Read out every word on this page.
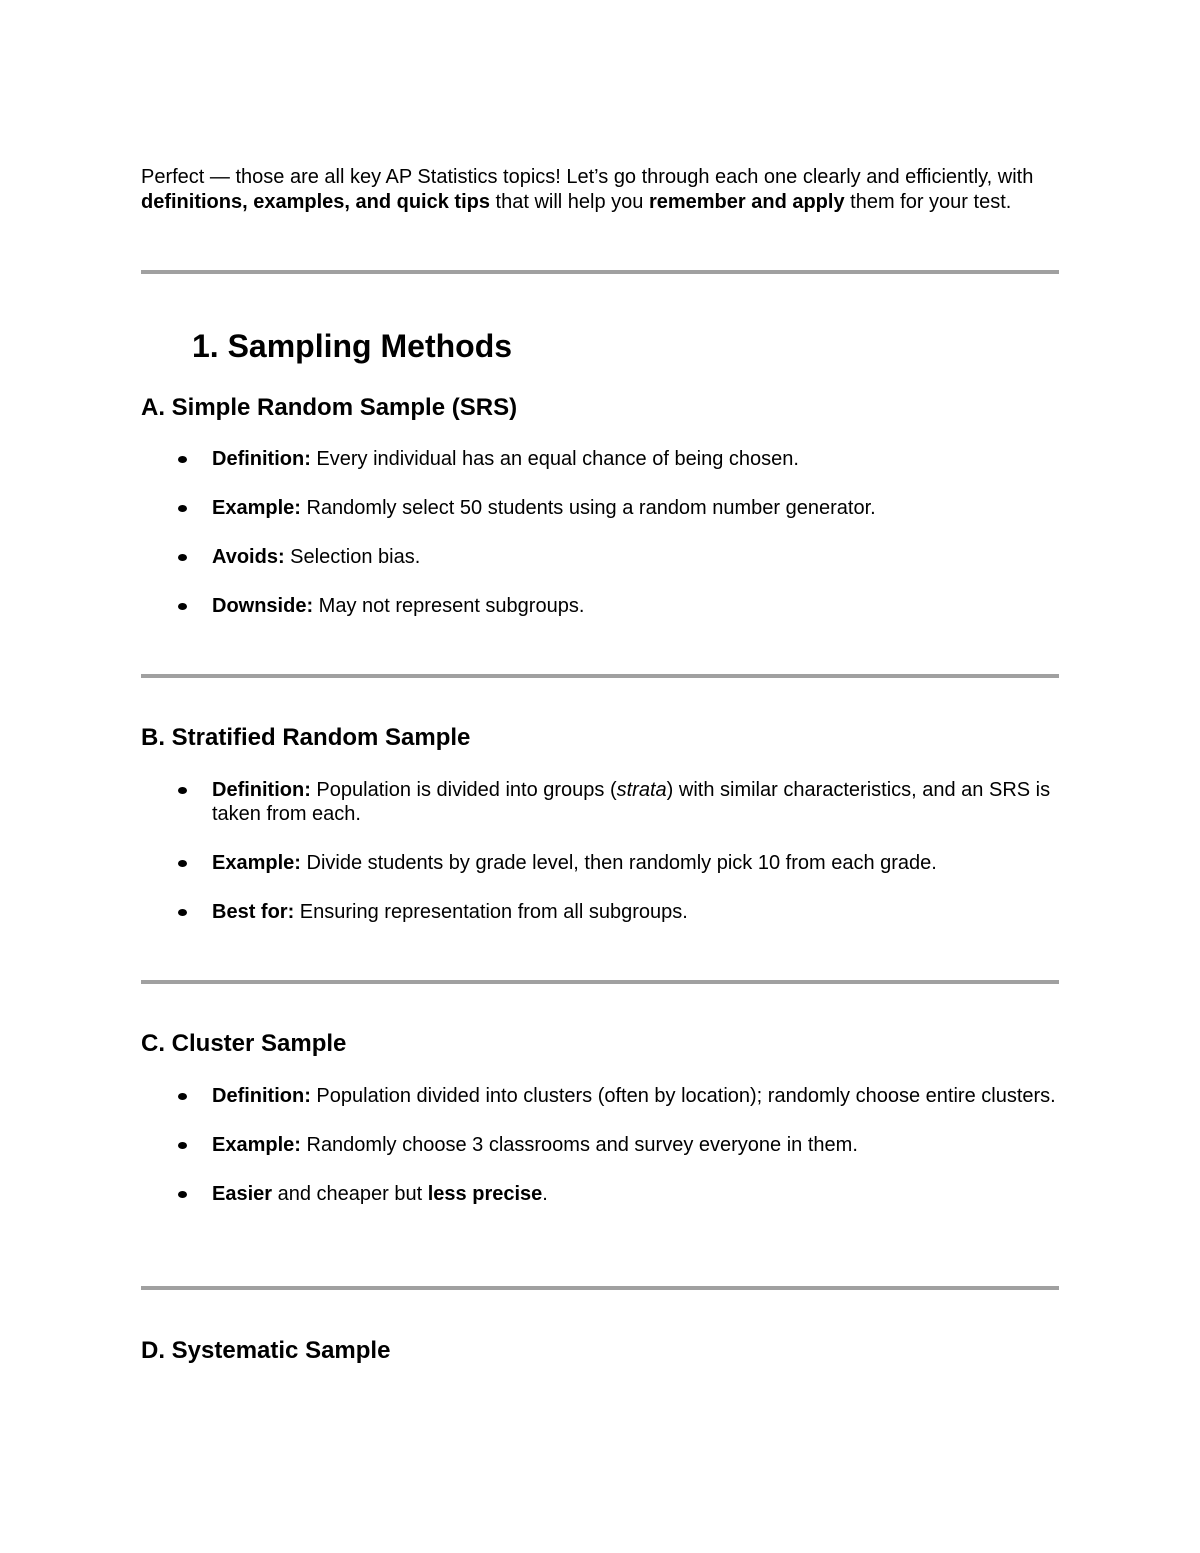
Perfect — those are all key AP Statistics topics! Let’s go through each one clearly and efficiently, with definitions, examples, and quick tips that will help you remember and apply them for your test.

1. Sampling Methods
A. Simple Random Sample (SRS)
Definition: Every individual has an equal chance of being chosen.
Example: Randomly select 50 students using a random number generator.
Avoids: Selection bias.
Downside: May not represent subgroups.
B. Stratified Random Sample
Definition: Population is divided into groups (strata) with similar characteristics, and an SRS is taken from each.
Example: Divide students by grade level, then randomly pick 10 from each grade.
Best for: Ensuring representation from all subgroups.
C. Cluster Sample
Definition: Population divided into clusters (often by location); randomly choose entire clusters.
Example: Randomly choose 3 classrooms and survey everyone in them.
Easier and cheaper but less precise.
D. Systematic Sample
